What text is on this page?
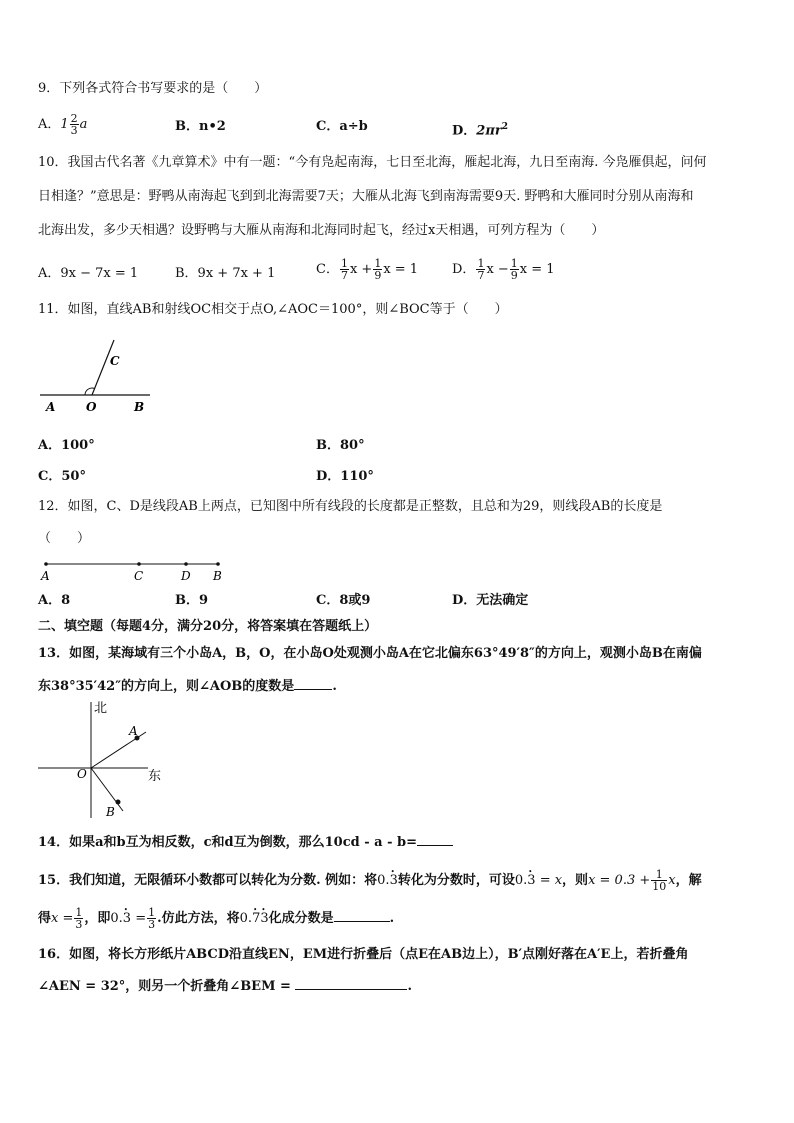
9．下列各式符合书写要求的是（　　）
A．$1 \frac{2}{3}$ a	B．n•2	C．a÷b	D．$2\pi r^2$
10．我国古代名著《九章算术》中有一题：“今有凫起南海，七日至北海，雁起北海，九日至南海. 今凫雁俱起，问何
日相逢？”意思是：野鸭从南海起飞到到北海需要7天；大雁从北海飞到南海需要9天. 野鸭和大雁同时分别从南海和
北海出发，多少天相遇？设野鸭与大雁从南海和北海同时起飞，经过x天相遇，可列方程为（　　）
A．9x − 7x = 1	B．9x + 7x + 1	C． $\frac{1}{7}$ $x + \frac{1}{9}$ x = 1	D． $\frac{1}{7}$ $x - \frac{1}{9}$ x = 1
11．如图，直线AB和射线OC相交于点O,∠AOC＝100°，则∠BOC等于（　　）
A	O	B
C
A．100°	B．80°
C．50°	D．110°
12．如图，C、D是线段AB上两点，已知图中所有线段的长度都是正整数，且总和为29，则线段AB的长度是
（　　）
A	C	D B
A．8	B．9	C．8或9	D．无法确定
二、填空题（每题4分，满分20分，将答案填在答题纸上）
13．如图，某海域有三个小岛A，B，O，在小岛O处观测小岛A在它北偏东63°49′8″的方向上，观测小岛B在南偏
东38°35′42″的方向上，则∠AOB的度数是	.
北
东
O
A
B
14．如果a和b互为相反数，c和d互为倒数，那么10cd - a - b=
15．我们知道，无限循环小数都可以转化为分数. 例如：将0.• 3转化为分数时，可设0.• 3 = x，则$x = 0.3 + \frac{1}{10}$ x，解
得$x = \frac{1}{3}$ ，即0.• $3 = \frac{1}{3}$ .仿此方法，将0.• 7• 3化成分数是	.
16．如图，将长方形纸片ABCD沿直线EN，EM进行折叠后（点E在AB边上），B′点刚好落在A′E上，若折叠角
∠AEN = 32°，则另一个折叠角∠BEM =	.
